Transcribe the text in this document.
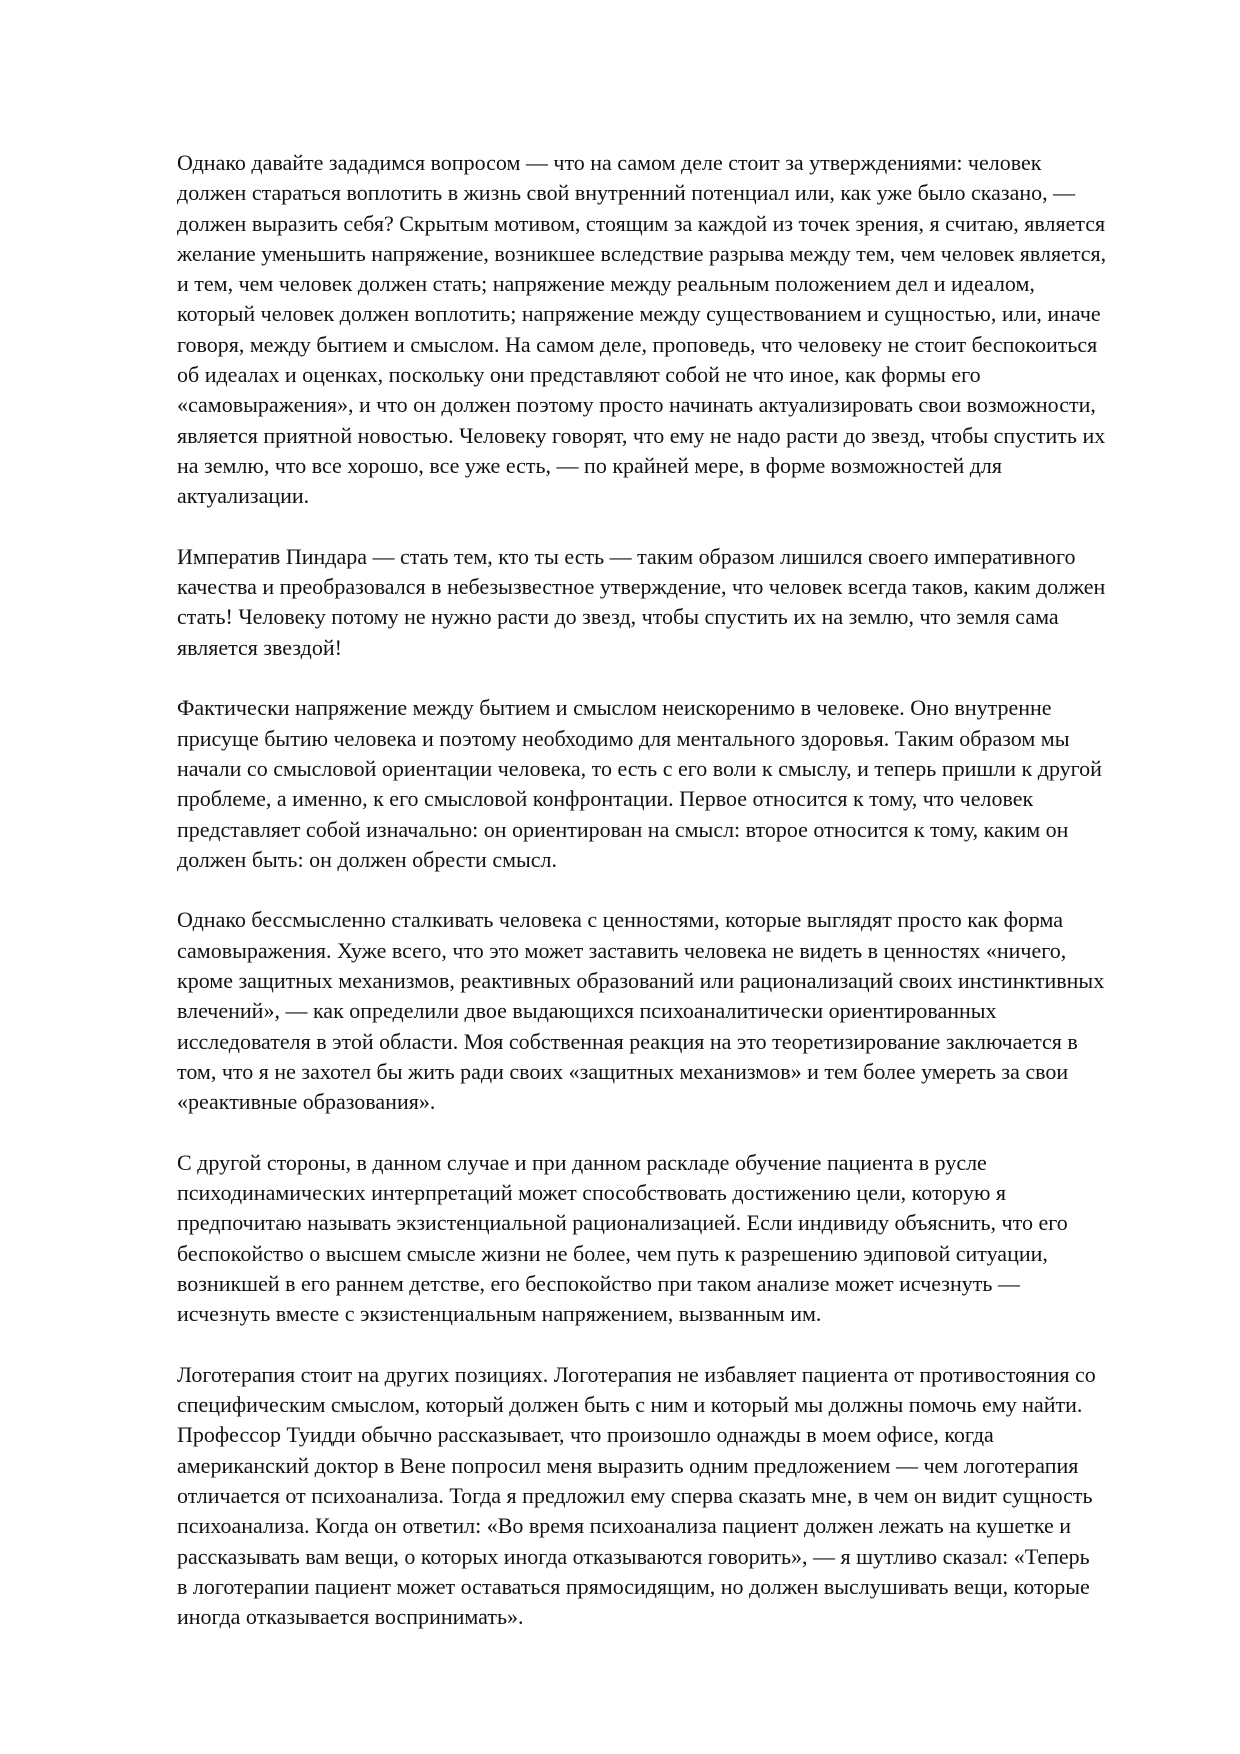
Однако давайте зададимся вопросом — что на самом деле стоит за утверждениями: человек
должен стараться воплотить в жизнь свой внутренний потенциал или, как уже было сказано, —
должен выразить себя? Скрытым мотивом, стоящим за каждой из точек зрения, я считаю, является
желание уменьшить напряжение, возникшее вследствие разрыва между тем, чем человек является,
и тем, чем человек должен стать; напряжение между реальным положением дел и идеалом,
который человек должен воплотить; напряжение между существованием и сущностью, или, иначе
говоря, между бытием и смыслом. На самом деле, проповедь, что человеку не стоит беспокоиться
об идеалах и оценках, поскольку они представляют собой не что иное, как формы его
«самовыражения», и что он должен поэтому просто начинать актуализировать свои возможности,
является приятной новостью. Человеку говорят, что ему не надо расти до звезд, чтобы спустить их
на землю, что все хорошо, все уже есть, — по крайней мере, в форме возможностей для
актуализации.
Императив Пиндара — стать тем, кто ты есть — таким образом лишился своего императивного
качества и преобразовался в небезызвестное утверждение, что человек всегда таков, каким должен
стать! Человеку потому не нужно расти до звезд, чтобы спустить их на землю, что земля сама
является звездой!
Фактически напряжение между бытием и смыслом неискоренимо в человеке. Оно внутренне
присуще бытию человека и поэтому необходимо для ментального здоровья. Таким образом мы
начали со смысловой ориентации человека, то есть с его воли к смыслу, и теперь пришли к другой
проблеме, а именно, к его смысловой конфронтации. Первое относится к тому, что человек
представляет собой изначально: он ориентирован на смысл: второе относится к тому, каким он
должен быть: он должен обрести смысл.
Однако бессмысленно сталкивать человека с ценностями, которые выглядят просто как форма
самовыражения. Хуже всего, что это может заставить человека не видеть в ценностях «ничего,
кроме защитных механизмов, реактивных образований или рационализаций своих инстинктивных
влечений», — как определили двое выдающихся психоаналитически ориентированных
исследователя в этой области. Моя собственная реакция на это теоретизирование заключается в
том, что я не захотел бы жить ради своих «защитных механизмов» и тем более умереть за свои
«реактивные образования».
С другой стороны, в данном случае и при данном раскладе обучение пациента в русле
психодинамических интерпретаций может способствовать достижению цели, которую я
предпочитаю называть экзистенциальной рационализацией. Если индивиду объяснить, что его
беспокойство о высшем смысле жизни не более, чем путь к разрешению эдиповой ситуации,
возникшей в его раннем детстве, его беспокойство при таком анализе может исчезнуть —
исчезнуть вместе с экзистенциальным напряжением, вызванным им.
Логотерапия стоит на других позициях. Логотерапия не избавляет пациента от противостояния со
специфическим смыслом, который должен быть с ним и который мы должны помочь ему найти.
Профессор Туидди обычно рассказывает, что произошло однажды в моем офисе, когда
американский доктор в Вене попросил меня выразить одним предложением — чем логотерапия
отличается от психоанализа. Тогда я предложил ему сперва сказать мне, в чем он видит сущность
психоанализа. Когда он ответил: «Во время психоанализа пациент должен лежать на кушетке и
рассказывать вам вещи, о которых иногда отказываются говорить», — я шутливо сказал: «Теперь
в логотерапии пациент может оставаться прямосидящим, но должен выслушивать вещи, которые
иногда отказывается воспринимать».
